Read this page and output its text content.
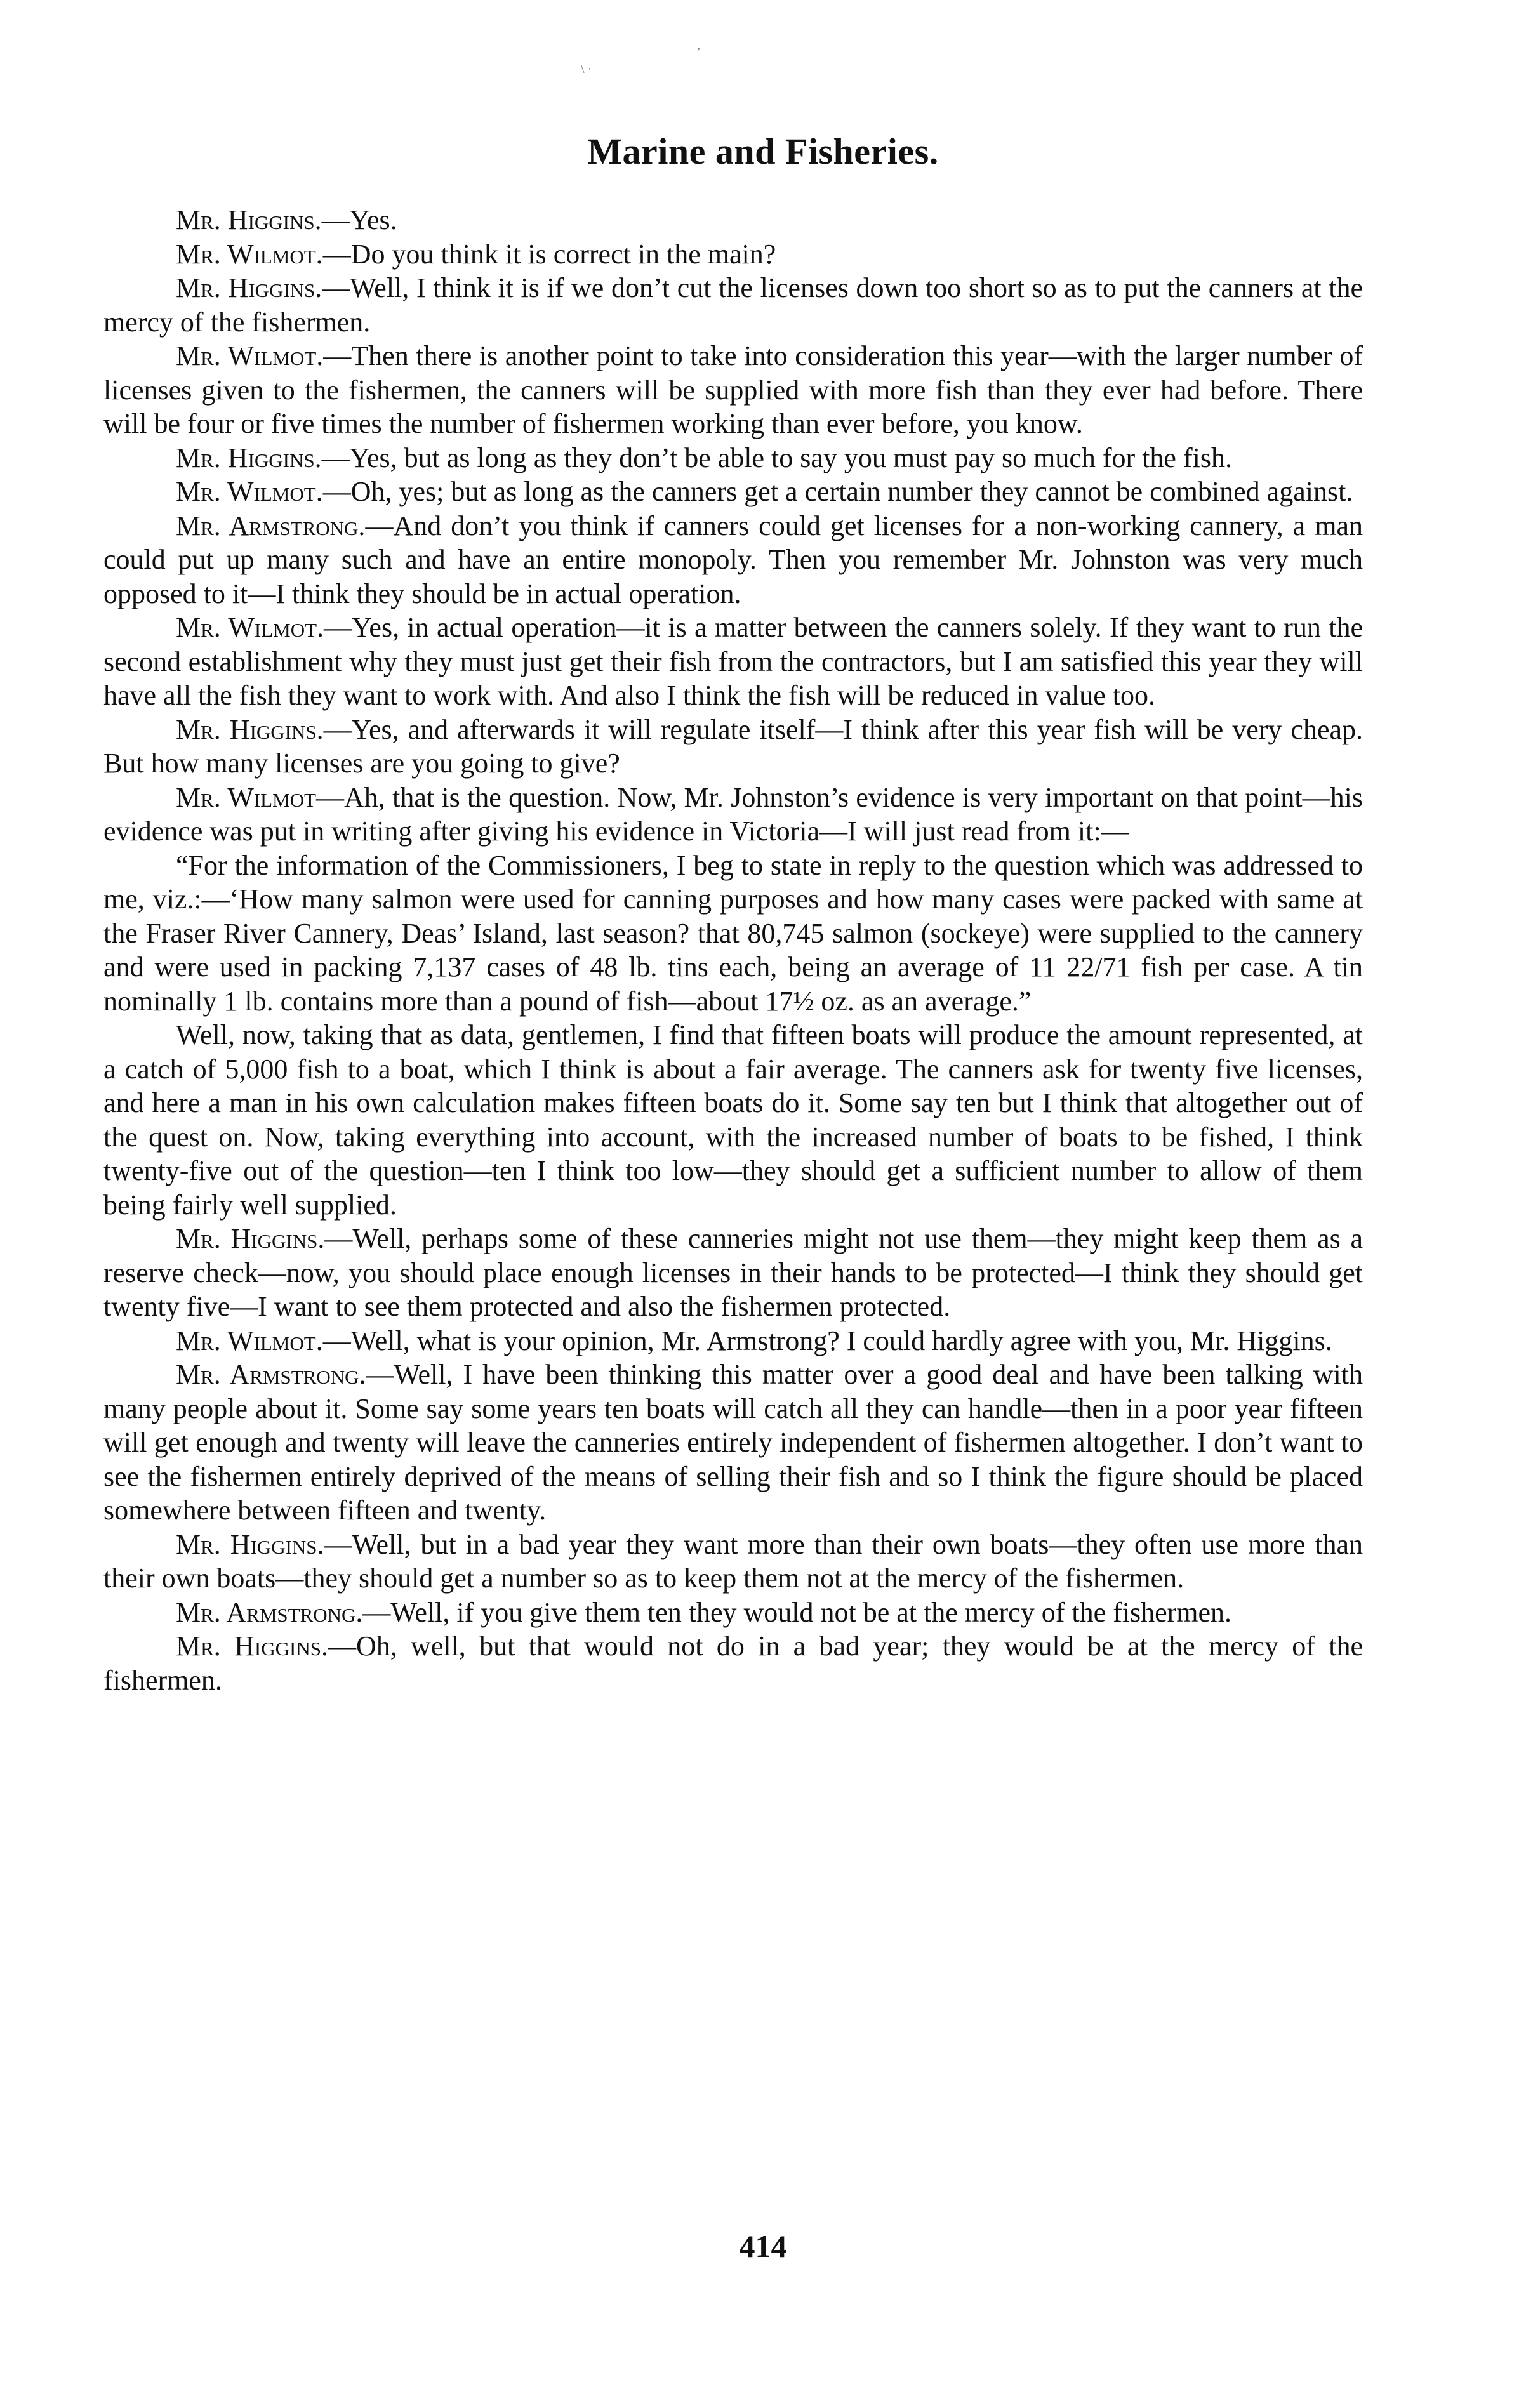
\ ·
,
Marine and Fisheries.

Mr. Higgins.—Yes.

Mr. Wilmot.—Do you think it is correct in the main?

Mr. Higgins.—Well, I think it is if we don’t cut the licenses down too short so as to put the canners at the mercy of the fishermen.

Mr. Wilmot.—Then there is another point to take into consideration this year—with the larger number of licenses given to the fishermen, the canners will be supplied with more fish than they ever had before. There will be four or five times the number of fishermen working than ever before, you know.

Mr. Higgins.—Yes, but as long as they don’t be able to say you must pay so much for the fish.

Mr. Wilmot.—Oh, yes; but as long as the canners get a certain number they cannot be combined against.

Mr. Armstrong.—And don’t you think if canners could get licenses for a non-working cannery, a man could put up many such and have an entire monopoly. Then you remember Mr. Johnston was very much opposed to it—I think they should be in actual operation.

Mr. Wilmot.—Yes, in actual operation—it is a matter between the canners solely. If they want to run the second establishment why they must just get their fish from the contractors, but I am satisfied this year they will have all the fish they want to work with. And also I think the fish will be reduced in value too.

Mr. Higgins.—Yes, and afterwards it will regulate itself—I think after this year fish will be very cheap. But how many licenses are you going to give?

Mr. Wilmot—Ah, that is the question. Now, Mr. Johnston’s evidence is very important on that point—his evidence was put in writing after giving his evidence in Victoria—I will just read from it:—

“For the information of the Commissioners, I beg to state in reply to the question which was addressed to me, viz.:—‘How many salmon were used for canning purposes and how many cases were packed with same at the Fraser River Cannery, Deas’ Island, last season? that 80,745 salmon (sockeye) were supplied to the cannery and were used in packing 7,137 cases of 48 lb. tins each, being an average of 11 22/71 fish per case. A tin nominally 1 lb. contains more than a pound of fish—about 17½ oz. as an average.”

Well, now, taking that as data, gentlemen, I find that fifteen boats will produce the amount represented, at a catch of 5,000 fish to a boat, which I think is about a fair average. The canners ask for twenty five licenses, and here a man in his own calculation makes fifteen boats do it. Some say ten but I think that altogether out of the quest on. Now, taking everything into account, with the increased number of boats to be fished, I think twenty-five out of the question—ten I think too low—they should get a sufficient number to allow of them being fairly well supplied.

Mr. Higgins.—Well, perhaps some of these canneries might not use them—they might keep them as a reserve check—now, you should place enough licenses in their hands to be protected—I think they should get twenty five—I want to see them protected and also the fishermen protected.

Mr. Wilmot.—Well, what is your opinion, Mr. Armstrong? I could hardly agree with you, Mr. Higgins.

Mr. Armstrong.—Well, I have been thinking this matter over a good deal and have been talking with many people about it. Some say some years ten boats will catch all they can handle—then in a poor year fifteen will get enough and twenty will leave the canneries entirely independent of fishermen altogether. I don’t want to see the fishermen entirely deprived of the means of selling their fish and so I think the figure should be placed somewhere between fifteen and twenty.

Mr. Higgins.—Well, but in a bad year they want more than their own boats—they often use more than their own boats—they should get a number so as to keep them not at the mercy of the fishermen.

Mr. Armstrong.—Well, if you give them ten they would not be at the mercy of the fishermen.

Mr. Higgins.—Oh, well, but that would not do in a bad year; they would be at the mercy of the fishermen.

414
